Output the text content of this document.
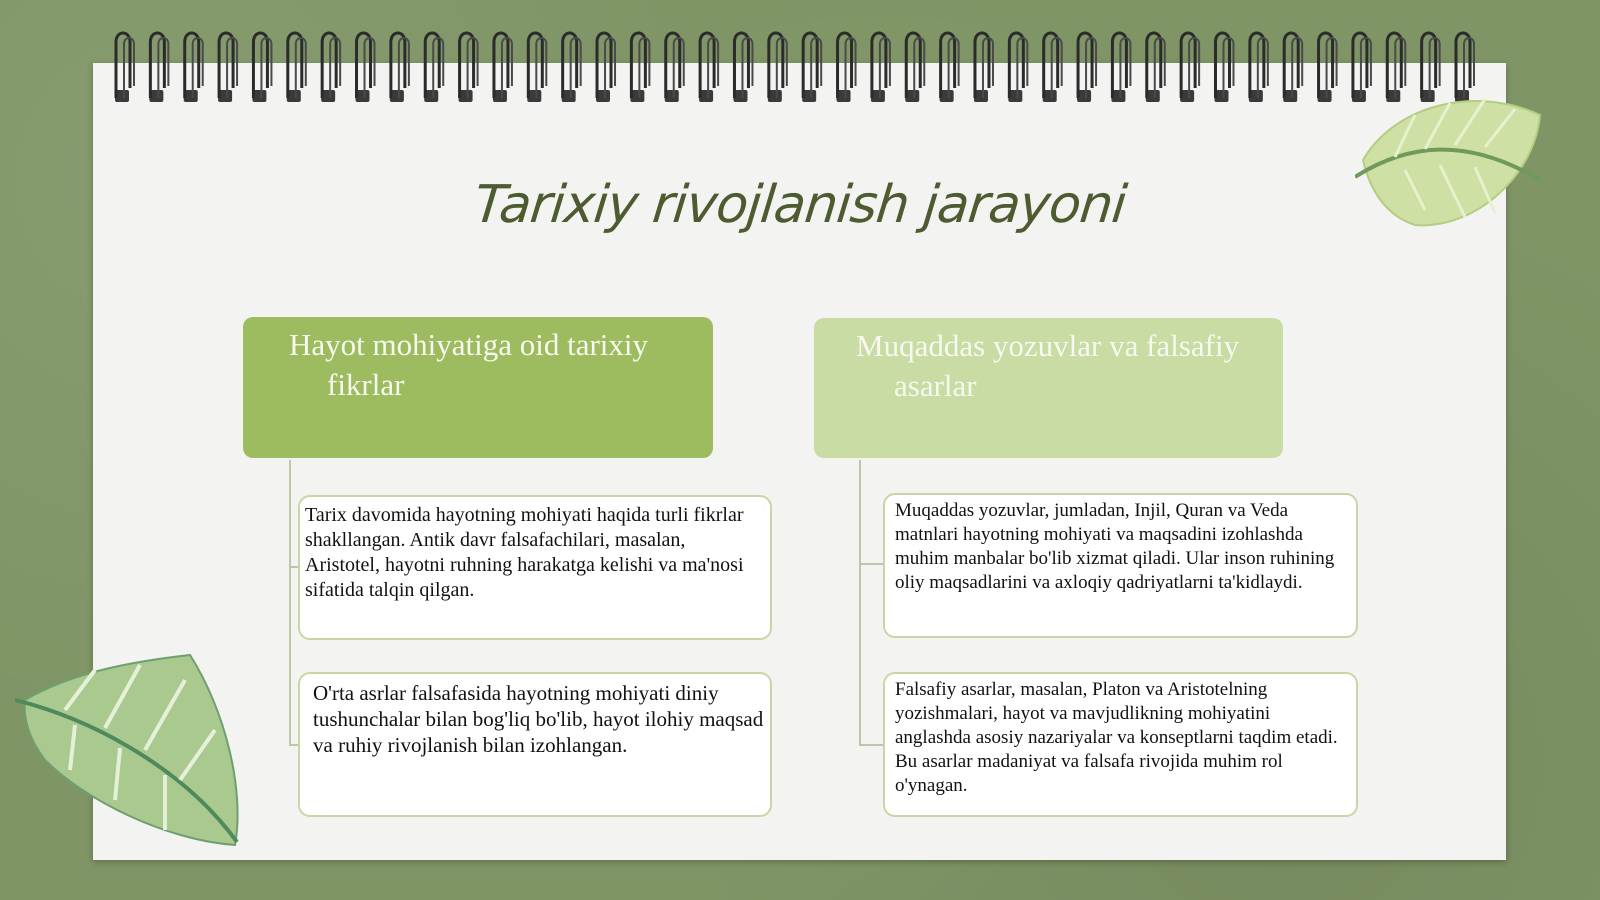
Tarixiy rivojlanish jarayoni
Hayot mohiyatiga oid tarixiy fikrlar
Muqaddas yozuvlar va falsafiy asarlar
Tarix davomida hayotning mohiyati haqida turli fikrlar shakllangan. Antik davr falsafachilari, masalan, Aristotel, hayotni ruhning harakatga kelishi va ma'nosi sifatida talqin qilgan.
O'rta asrlar falsafasida hayotning mohiyati diniy tushunchalar bilan bog'liq bo'lib, hayot ilohiy maqsad va ruhiy rivojlanish bilan izohlangan.
Muqaddas yozuvlar, jumladan, Injil, Quran va Veda matnlari hayotning mohiyati va maqsadini izohlashda muhim manbalar bo'lib xizmat qiladi. Ular inson ruhining oliy maqsadlarini va axloqiy qadriyatlarni ta'kidlaydi.
Falsafiy asarlar, masalan, Platon va Aristotelning yozishmalari, hayot va mavjudlikning mohiyatini anglashda asosiy nazariyalar va konseptlarni taqdim etadi. Bu asarlar madaniyat va falsafa rivojida muhim rol o'ynagan.
